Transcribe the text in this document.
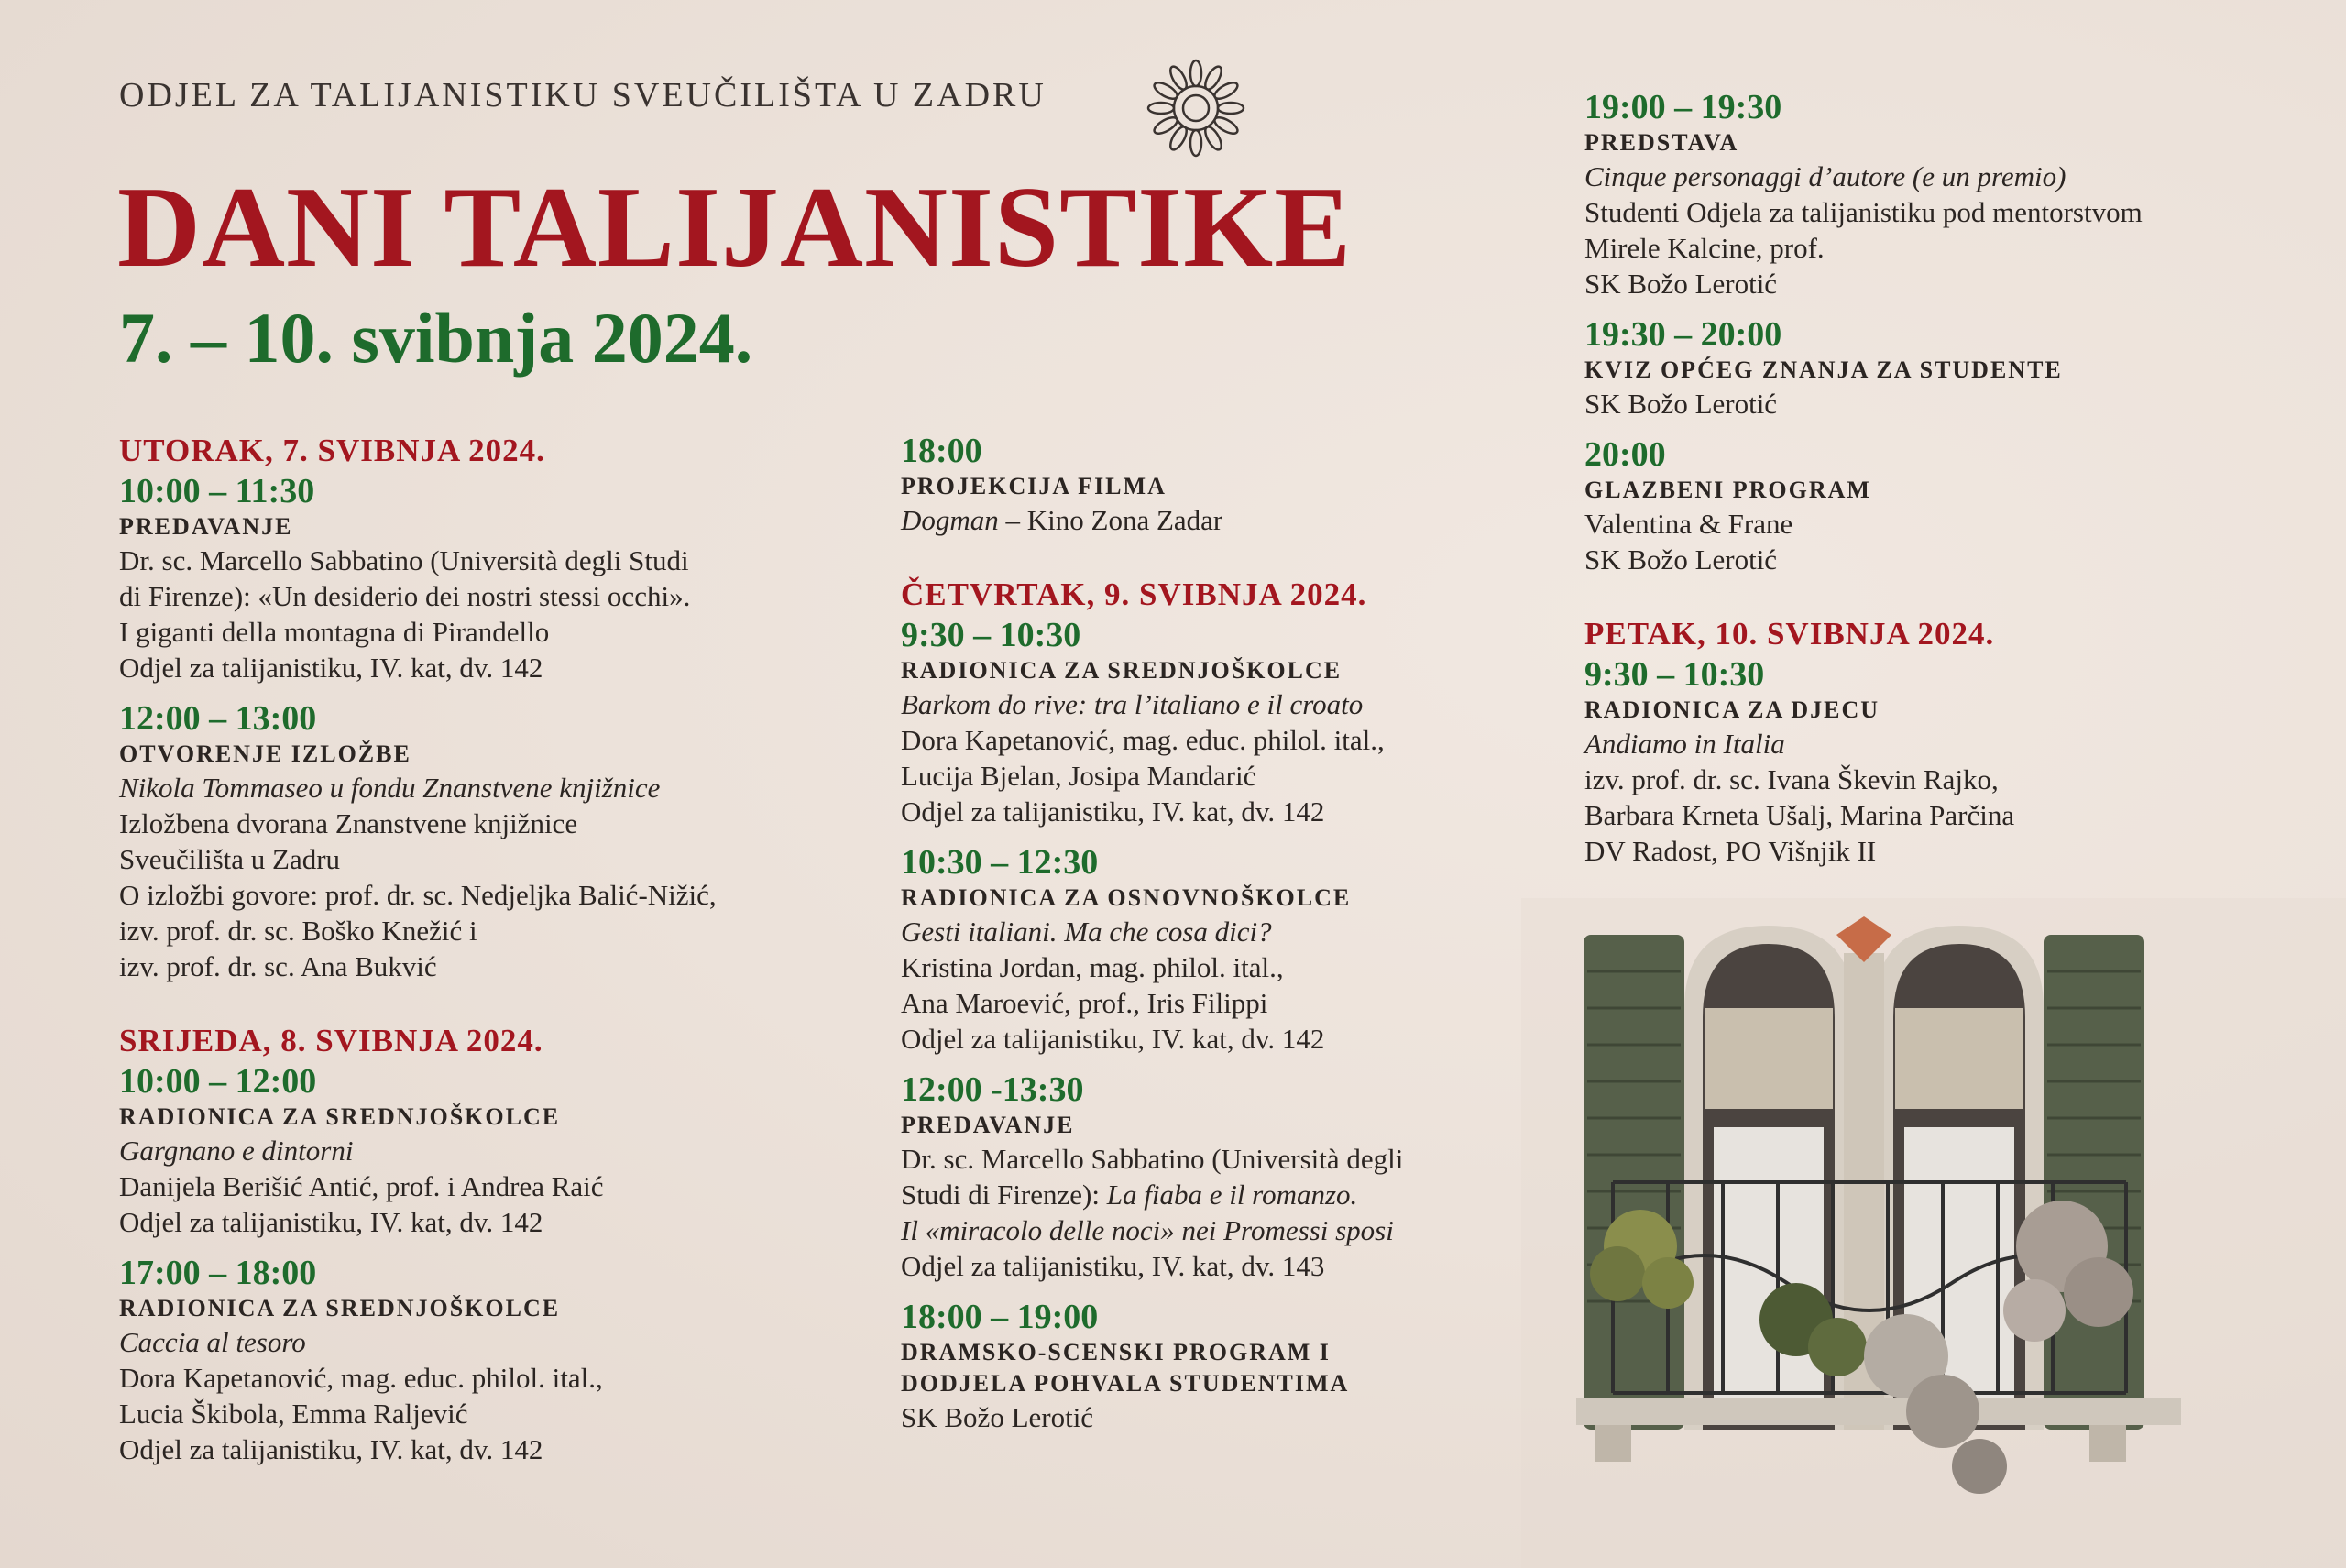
ODJEL ZA TALIJANISTIKU SVEUČILIŠTA U ZADRU
DANI TALIJANISTIKE
7. – 10. svibnja 2024.
UTORAK, 7. SVIBNJA 2024.
10:00 – 11:30
PREDAVANJE
Dr. sc. Marcello Sabbatino (Università degli Studi
di Firenze): «Un desiderio dei nostri stessi occhi».
I giganti della montagna di Pirandello
Odjel za talijanistiku, IV. kat, dv. 142
12:00 – 13:00
OTVORENJE IZLOŽBE
Nikola Tommaseo u fondu Znanstvene knjižnice
Izložbena dvorana Znanstvene knjižnice
Sveučilišta u Zadru
O izložbi govore: prof. dr. sc. Nedjeljka Balić-Nižić,
izv. prof. dr. sc. Boško Knežić i
izv. prof. dr. sc. Ana Bukvić
SRIJEDA, 8. SVIBNJA 2024.
10:00 – 12:00
RADIONICA ZA SREDNJOŠKOLCE
Gargnano e dintorni
Danijela Berišić Antić, prof. i Andrea Raić
Odjel za talijanistiku, IV. kat, dv. 142
17:00 – 18:00
RADIONICA ZA SREDNJOŠKOLCE
Caccia al tesoro
Dora Kapetanović, mag. educ. philol. ital.,
Lucia Škibola, Emma Raljević
Odjel za talijanistiku, IV. kat, dv. 142
18:00
PROJEKCIJA FILMA
Dogman – Kino Zona Zadar
ČETVRTAK, 9. SVIBNJA 2024.
9:30 – 10:30
RADIONICA ZA SREDNJOŠKOLCE
Barkom do rive: tra l’italiano e il croato
Dora Kapetanović, mag. educ. philol. ital.,
Lucija Bjelan, Josipa Mandarić
Odjel za talijanistiku, IV. kat, dv. 142
10:30 – 12:30
RADIONICA ZA OSNOVNOŠKOLCE
Gesti italiani. Ma che cosa dici?
Kristina Jordan, mag. philol. ital.,
Ana Maroević, prof., Iris Filippi
Odjel za talijanistiku, IV. kat, dv. 142
12:00 -13:30
PREDAVANJE
Dr. sc. Marcello Sabbatino (Università degli
Studi di Firenze): La fiaba e il romanzo.
Il «miracolo delle noci» nei Promessi sposi
Odjel za talijanistiku, IV. kat, dv. 143
18:00 – 19:00
DRAMSKO-SCENSKI PROGRAM I
DODJELA POHVALA STUDENTIMA
SK Božo Lerotić
19:00 – 19:30
PREDSTAVA
Cinque personaggi d’autore (e un premio)
Studenti Odjela za talijanistiku pod mentorstvom
Mirele Kalcine, prof.
SK Božo Lerotić
19:30 – 20:00
KVIZ OPĆEG ZNANJA ZA STUDENTE
SK Božo Lerotić
20:00
GLAZBENI PROGRAM
Valentina & Frane
SK Božo Lerotić
PETAK, 10. SVIBNJA 2024.
9:30 – 10:30
RADIONICA ZA DJECU
Andiamo in Italia
izv. prof. dr. sc. Ivana Škevin Rajko,
Barbara Krneta Ušalj, Marina Parčina
DV Radost, PO Višnjik II
